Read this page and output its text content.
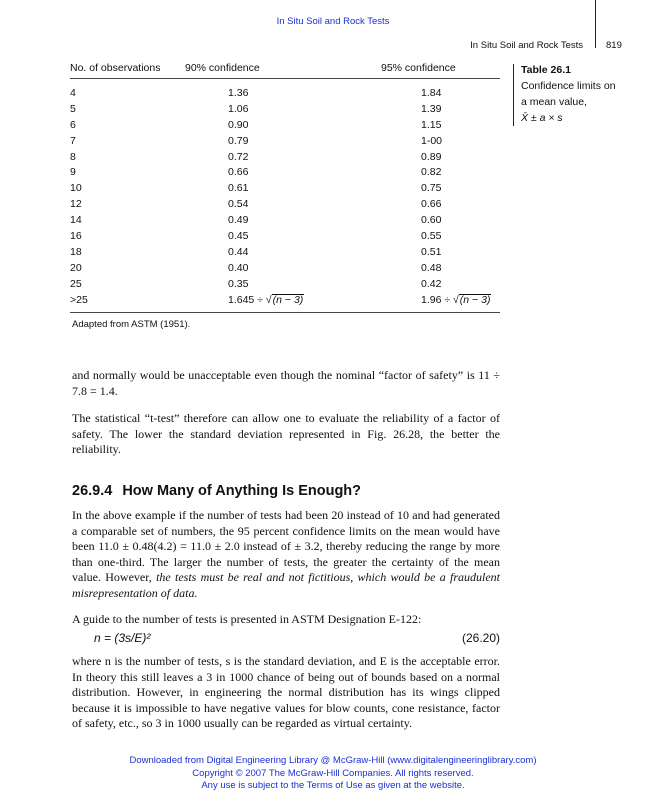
In Situ Soil and Rock Tests
In Situ Soil and Rock Tests 819
Table 26.1
Confidence limits on
a mean value,
X̄ ± a × s
No. of observations	90% confidence	95% confidence
4	1.36	1.84
5	1.06	1.39
6	0.90	1.15
7	0.79	1-00
8	0.72	0.89
9	0.66	0.82
10	0.61	0.75
12	0.54	0.66
14	0.49	0.60
16	0.45	0.55
18	0.44	0.51
20	0.40	0.48
25	0.35	0.42
>25	1.645 ÷ √(n − 3)	1.96 ÷ √(n − 3)
Adapted from ASTM (1951).

and normally would be unacceptable even though the nominal “factor of safety” is 11 ÷ 7.8 = 1.4.

The statistical “t-test” therefore can allow one to evaluate the reliability of a factor of safety. The lower the standard deviation represented in Fig. 26.28, the better the reliability.

26.9.4 How Many of Anything Is Enough?

In the above example if the number of tests had been 20 instead of 10 and had generated a comparable set of numbers, the 95 percent confidence limits on the mean would have been 11.0 ± 0.48(4.2) = 11.0 ± 2.0 instead of ± 3.2, thereby reducing the range by more than one-third. The larger the number of tests, the greater the certainty of the mean value. However, the tests must be real and not fictitious, which would be a fraudulent misrepresentation of data.

A guide to the number of tests is presented in ASTM Designation E-122:

n = (3s/E)²	(26.20)

where n is the number of tests, s is the standard deviation, and E is the acceptable error. In theory this still leaves a 3 in 1000 chance of being out of bounds based on a normal distribution. However, in engineering the normal distribution has its wings clipped because it is impossible to have negative values for blow counts, cone resistance, factor of safety, etc., so 3 in 1000 usually can be regarded as virtual certainty.

Downloaded from Digital Engineering Library @ McGraw-Hill (www.digitalengineeringlibrary.com)
Copyright © 2007 The McGraw-Hill Companies. All rights reserved.
Any use is subject to the Terms of Use as given at the website.
